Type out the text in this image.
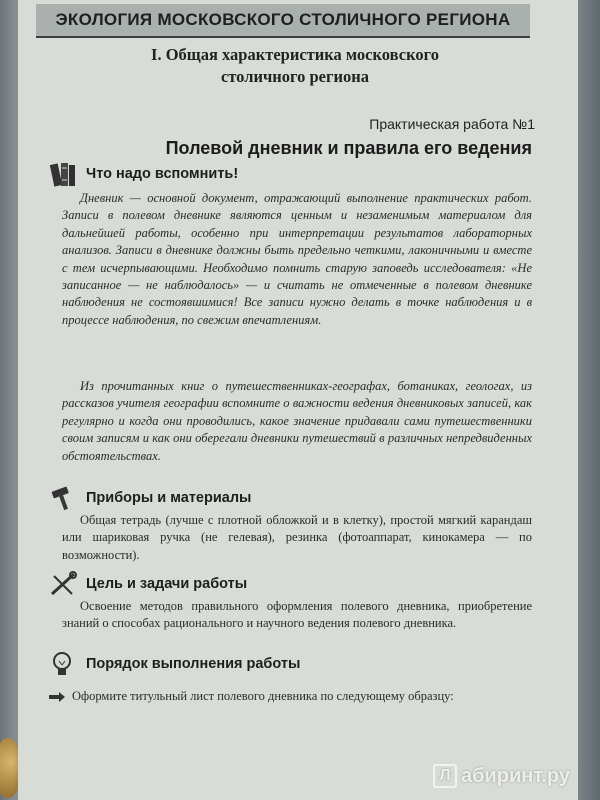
ЭКОЛОГИЯ МОСКОВСКОГО СТОЛИЧНОГО РЕГИОНА
I. Общая характеристика московского
столичного региона
Практическая работа №1
Полевой дневник и правила его ведения
Что надо вспомнить!
Дневник — основной документ, отражающий выполнение практических работ. Записи в полевом дневнике являются ценным и незаменимым материалом для дальнейшей работы, особенно при интерпретации результатов лабораторных анализов. Записи в дневнике должны быть предельно четкими, лаконичными и вместе с тем исчерпывающими. Необходимо помнить старую заповедь исследователя: «Не записанное — не наблюдалось» — и считать не отмеченные в полевом дневнике наблюдения не состоявшимися! Все записи нужно делать в точке наблюдения и в процессе наблюдения, по свежим впечатлениям.
Из прочитанных книг о путешественниках-географах, ботаниках, геологах, из рассказов учителя географии вспомните о важности ведения дневниковых записей, как регулярно и когда они проводились, какое значение придавали сами путешественники своим записям и как они оберегали дневники путешествий в различных непредвиденных обстоятельствах.
Приборы и материалы
Общая тетрадь (лучше с плотной обложкой и в клетку), простой мягкий карандаш или шариковая ручка (не гелевая), резинка (фотоаппарат, кинокамера — по возможности).
Цель и задачи работы
Освоение методов правильного оформления полевого дневника, приобретение знаний о способах рационального и научного ведения полевого дневника.
Порядок выполнения работы
Оформите титульный лист полевого дневника по следующему образцу:
Л абиринт.ру
